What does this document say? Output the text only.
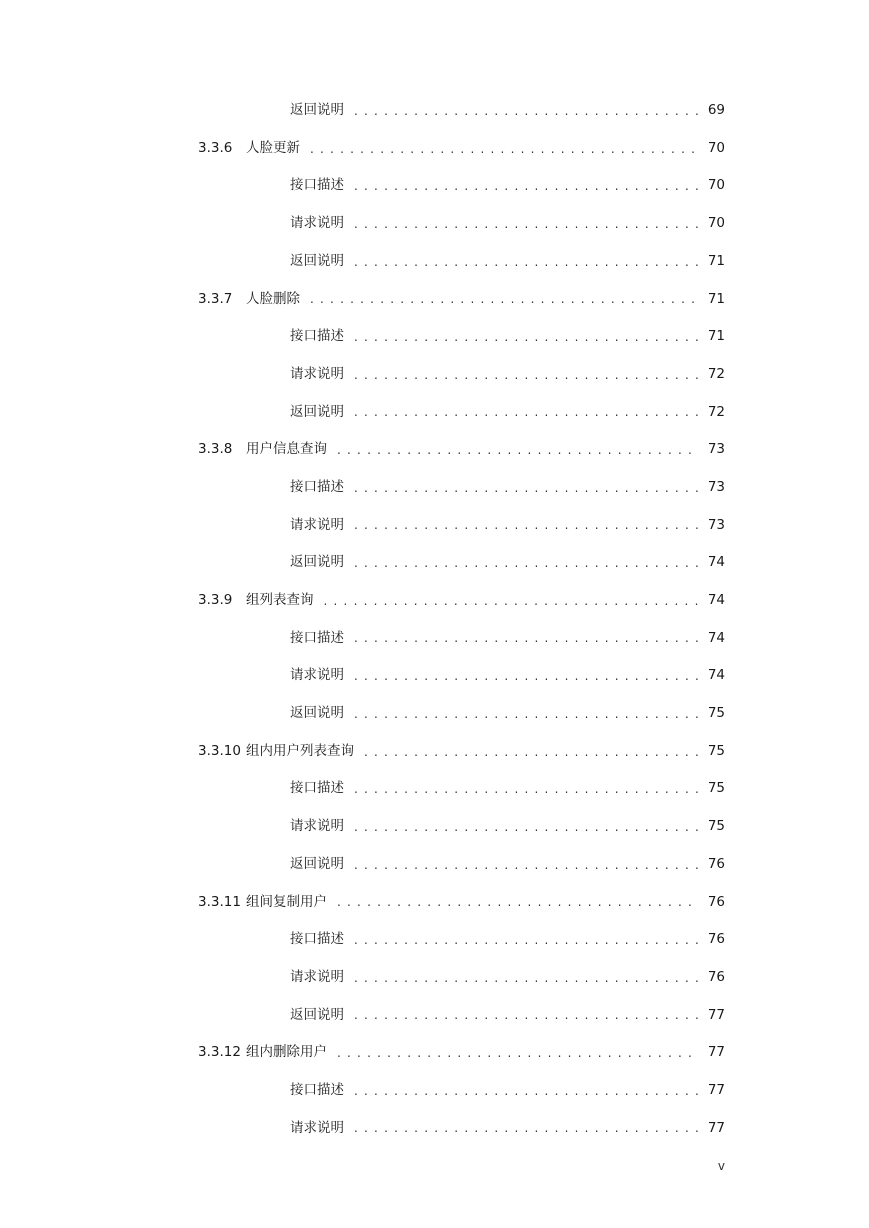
返回说明 . . .	69
3.3.6	人脸更新 . . .	70
接口描述 . . .	70
请求说明 . . .	70
返回说明 . . .	71
3.3.7	人脸删除 . . .	71
接口描述 . . .	71
请求说明 . . .	72
返回说明 . . .	72
3.3.8	用户信息查询 . . .	73
接口描述 . . .	73
请求说明 . . .	73
返回说明 . . .	74
3.3.9	组列表查询 . . .	74
接口描述 . . .	74
请求说明 . . .	74
返回说明 . . .	75
3.3.10 组内用户列表查询 . . .	75
接口描述 . . .	75
请求说明 . . .	75
返回说明 . . .	76
3.3.11 组间复制用户 . . .	76
接口描述 . . .	76
请求说明 . . .	76
返回说明 . . .	77
3.3.12 组内删除用户 . . .	77
接口描述 . . .	77
请求说明 . . .	77
v
